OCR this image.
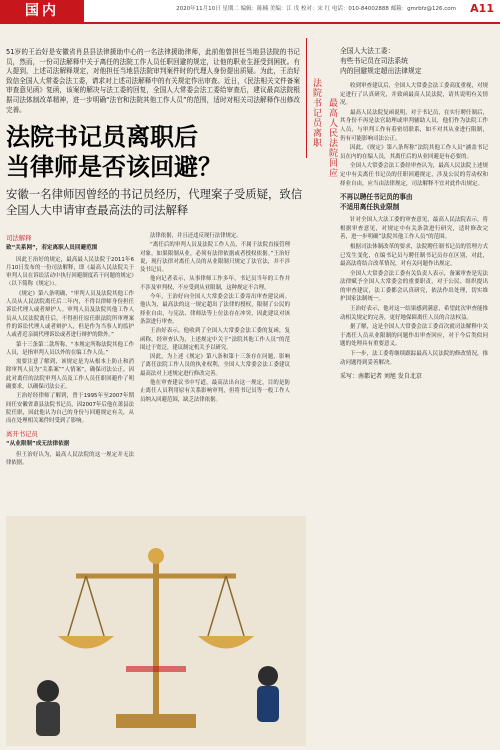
国内	2020年11月10日 星期二 编辑：陈楠 美编：江 戊 校对：宋 红 电话：010-84002888 邮箱：gmrbfz@126.com A11
51岁的王治好是安徽省肖县县法律援助中心的一名法律援助律师，此前他曾担任当地县法院的书记员，然而，一份司法解释中关于离任的法院工作人员任职回避的规定，让他的职业生涯受到困扰。有人提到，上述司法解释规定，对他担任当地县法院审判案件时的代理人身份提出质疑。为此，王治好致信全国人大常委会法工委，请求对上述司法解释中的有关规定作出审查。近日，《民法相关文件备案审查意见函》复函，该案的解决与法工委的回复，全国人大常委会法工委给审查后，建议最高法院根据司法体制改革精神，进一步明确“法官和法院其他工作人员”的范围，适时对相关司法解释作出修改完善。	法院书记员离职 最高人民法院回应
法院书记员离职后
当律师是否该回避？
安徽一名律师因曾经的书记员经历，代理案子受质疑，致信全国人大申请审查最高法的司法解释
司法解释
致“关系网”，若定离职人员回避范围

因此王治好的规定，最高最人民法院于2011年6月10日发布的一份司法解释，即《最高人民法院关于审判人员在诉讼活动中执行回避制度若干问题的规定》（以下简称《规定》）。

《规定》第八条明确，“审判人员及法院其他工作人员从人民法院离任后二年内，不得以律师身份担任诉讼代理人或者辩护人。审判人员及法院其他工作人员从人民法院离任后，不得担任原任职法院所审理案件的诉讼代理人或者辩护人，但是作为当事人的监护人或者近亲属代理诉讼或者进行辩护的除外。”

第十三条第二款所称，“本规定所称法院其他工作人员，是指审判人员以外的在编工作人员。”

需要注意了解到，该规定是为从根本上防止和消除审判人员为“关系案”“人情案”，确保司法公正。因此对离任的法院审判人员及工作人员任职回避作了明确要求，以确保司法公正。

王治好经律师了解到，曾于1995年至2007年期间任安徽省萧县法院书记员，因2007年后他在萧县法院任职，因此他认为自己的身份与回避规定有关，从而在处理相关案件时受到了影响。

离开书记员
“从业限制”成无法律依据

但王治好认为，最高人民法院的这一规定并无法律依据。

法律依据，并且还违反现行法律规定。

“离任后的审判人员及法院工作人员，不属于法院直接管理对象，如果限制从业，必须有法律依据或者授权依据。”王治好说，现行法律对离任人员的从业限制只规定了法官法，并不涉及书记员。

他向记者表示，从事律师工作多年，书记员当年的工作并不涉及审判权，不应受到从业限制，这种规定不合理。

今年，王治好向全国人大常委会法工委寄出审查建议函。他认为，最高法的这一规定超出了法律的授权，限制了公民的择业自由，与宪法、律师法等上位法存在冲突，因此建议对该条款进行审查。

王治好表示，他收到了全国人大常委会法工委的复函，复函称，经审查认为，上述规定中关于“法院其他工作人员”的范围过于宽泛，建议制定机关予以研究。

因此，为上述《规定》第八条和第十三条存在问题，影响了离任法院工作人员的执业权利，全国人大常委会法工委建议最高法对上述规定进行修改完善。

他在审查建议书中写道，最高法出台这一规定，目的是防止离任人员利用原有关系影响审判，但将书记员等一般工作人员纳入回避范围，缺乏法律依据。

全国人大法工委：
有些书记员在司法系统
内的回避规定超出法律规定

收到审查建议后，全国人大常委会法工委高度重视，对规定进行了认真研究，并致函最高人民法院，请其说明有关情况。

最高人民法院复函说明，对于书记员，在实行聘任制后，其身份不再是法官助理或审判辅助人员，他们作为法院工作人员，与审判工作有着密切联系，如不对其从业进行限制，仍有可能影响司法公正。

因此，《规定》第八条所称“法院其他工作人员”涵盖书记员在内的在编人员，其离任后的从业回避是有必要的。

全国人大常委会法工委经审查认为，最高人民法院上述规定中有关离任书记员的任职回避规定，涉及公民的劳动权和择业自由，应当由法律规定，司法解释不宜对此作出规定。

不再以聘任书记员的事由
不适用离任执业限制

针对全国人大法工委的审查意见，最高人民法院表示，将根据审查意见，对规定中有关条款进行研究，适时修改完善，进一步明确“法院其他工作人员”的范围。

根据司法体制改革的要求，法院聘任制书记员的管理方式已发生变化，在编书记员与聘任制书记员存在区别，对此，最高法将结合改革情况，对有关问题作出规定。

全国人大常委会法工委有关负责人表示，备案审查是宪法法律赋予全国人大常委会的重要职责，对于公民、组织提出的审查建议，法工委都会认真研究，依法作出处理，切实维护国家法制统一。

王治好表示，他对这一结果感到满意，希望此次审查能推动相关规定的完善，更好地保障离任人员的合法权益。

据了解，这是全国人大常委会法工委首次就司法解释中关于离任人员从业限制的问题作出审查回应，对于今后类似问题的处理具有重要意义。

下一步，法工委将继续跟踪最高人民法院的修改情况，推动问题得到妥善解决。

采写：南都记者 刘旭 发自北京
